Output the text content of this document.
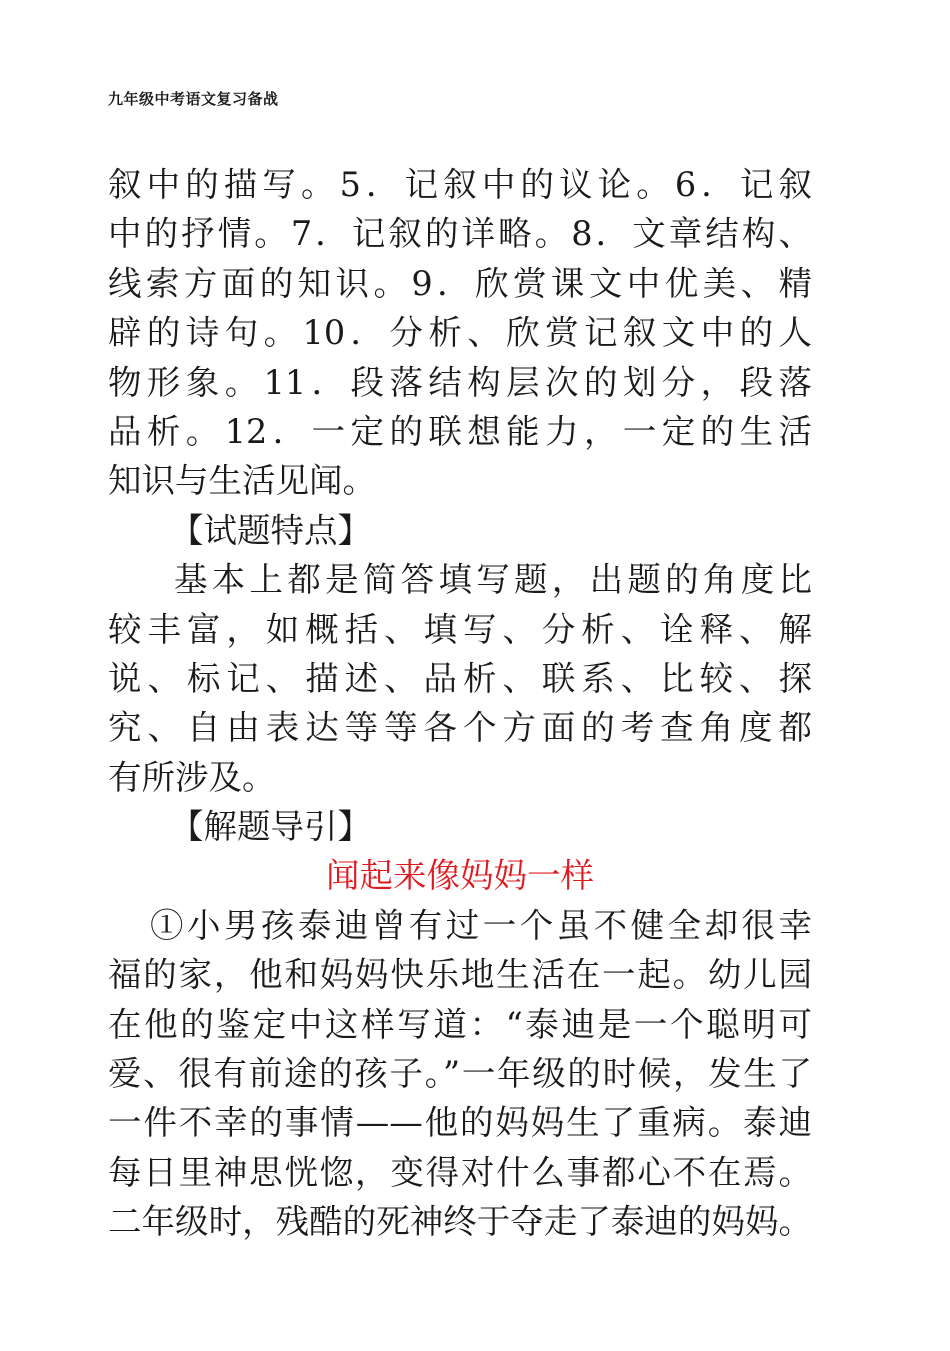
九年级中考语文复习备战
叙中的描写。5．记叙中的议论。6．记叙
中的抒情。7．记叙的详略。8．文章结构、
线索方面的知识。9．欣赏课文中优美、精
辟的诗句。10．分析、欣赏记叙文中的人
物形象。11．段落结构层次的划分，段落
品析。12．一定的联想能力，一定的生活
知识与生活见闻。
【试题特点】
基本上都是简答填写题，出题的角度比
较丰富，如概括、填写、分析、诠释、解
说、标记、描述、品析、联系、比较、探
究、自由表达等等各个方面的考查角度都
有所涉及。
【解题导引】
闻起来像妈妈一样
①小男孩泰迪曾有过一个虽不健全却很幸
福的家，他和妈妈快乐地生活在一起。幼儿园
在他的鉴定中这样写道：“泰迪是一个聪明可
爱、很有前途的孩子。”一年级的时候，发生了
一件不幸的事情——他的妈妈生了重病。泰迪
每日里神思恍惚，变得对什么事都心不在焉。
二年级时，残酷的死神终于夺走了泰迪的妈妈。
